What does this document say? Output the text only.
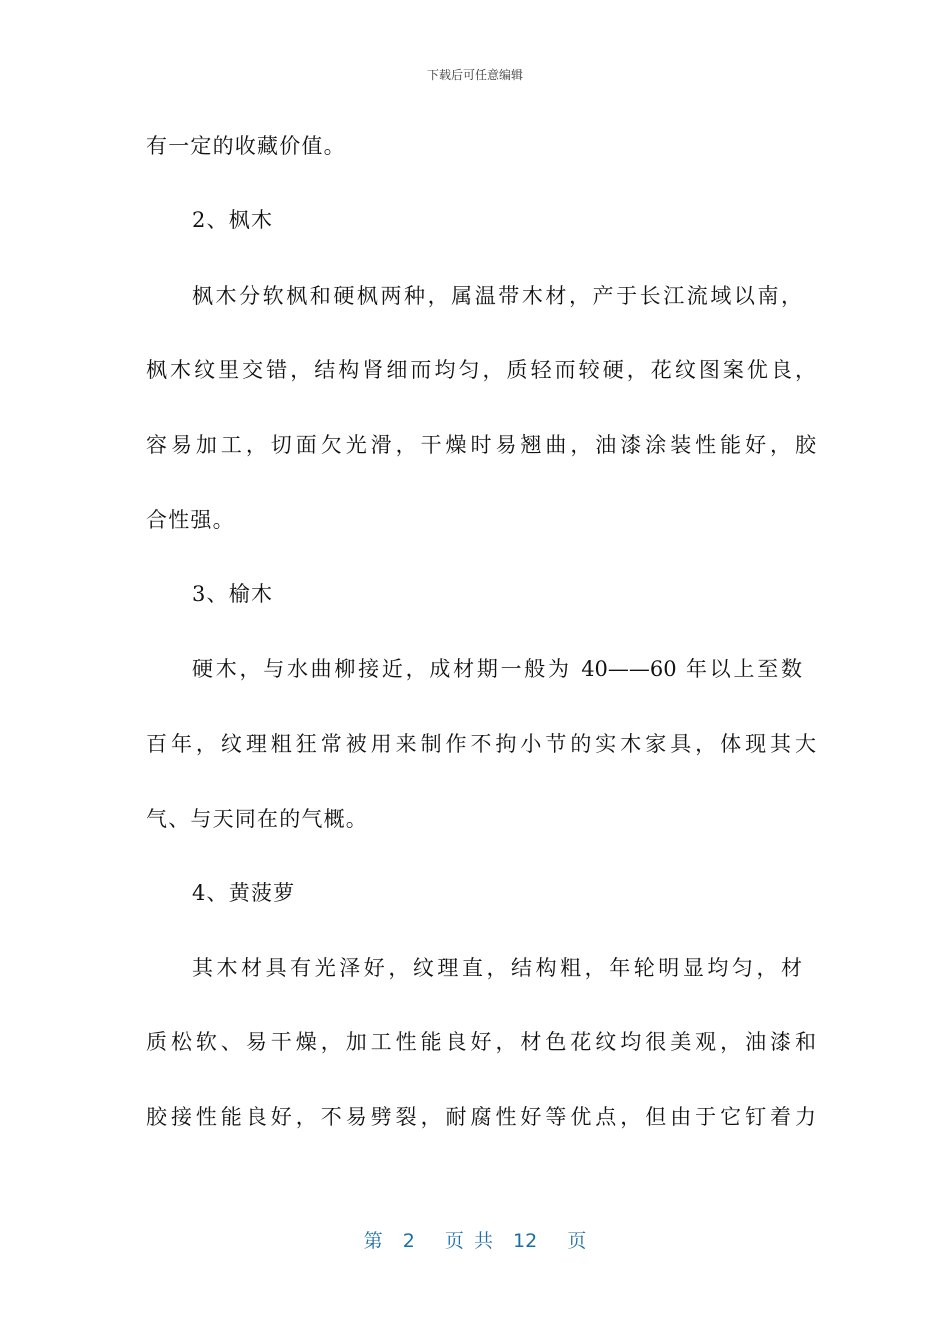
下载后可任意编辑
有一定的收藏价值。
2、枫木
枫木分软枫和硬枫两种，属温带木材，产于长江流域以南，
枫木纹里交错，结构肾细而均匀，质轻而较硬，花纹图案优良，
容易加工，切面欠光滑，干燥时易翘曲，油漆涂装性能好，胶
合性强。
3、榆木
硬木，与水曲柳接近，成材期一般为 40——60 年以上至数
百年，纹理粗狂常被用来制作不拘小节的实木家具，体现其大
气、与天同在的气概。
4、黄菠萝
其木材具有光泽好，纹理直，结构粗，年轮明显均匀，材
质松软、易干燥，加工性能良好，材色花纹均很美观，油漆和
胶接性能良好，不易劈裂，耐腐性好等优点，但由于它钉着力
第  2   页 共  12   页
